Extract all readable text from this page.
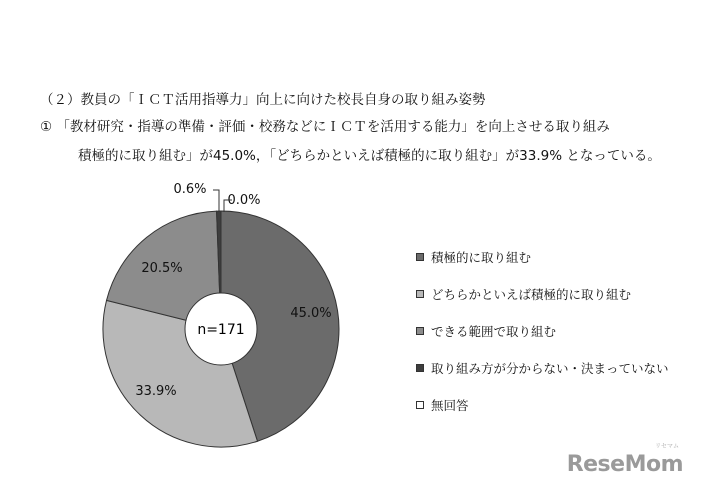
（２）教員の「ＩＣＴ活用指導力」向上に向けた校長自身の取り組み姿勢
① 「教材研究・指導の準備・評価・校務などにＩＣＴを活用する能力」を向上させる取り組み
積極的に取り組む」が45.0%，「どちらかといえば積極的に取り組む」が33.9% となっている。
45.0%
33.9%
20.5%
0.6%
0.0%
n=171
積極的に取り組む
どちらかといえば積極的に取り組む
できる範囲で取り組む
取り組み方が分からない・決まっていない
無回答
リセマム
ReseMom
